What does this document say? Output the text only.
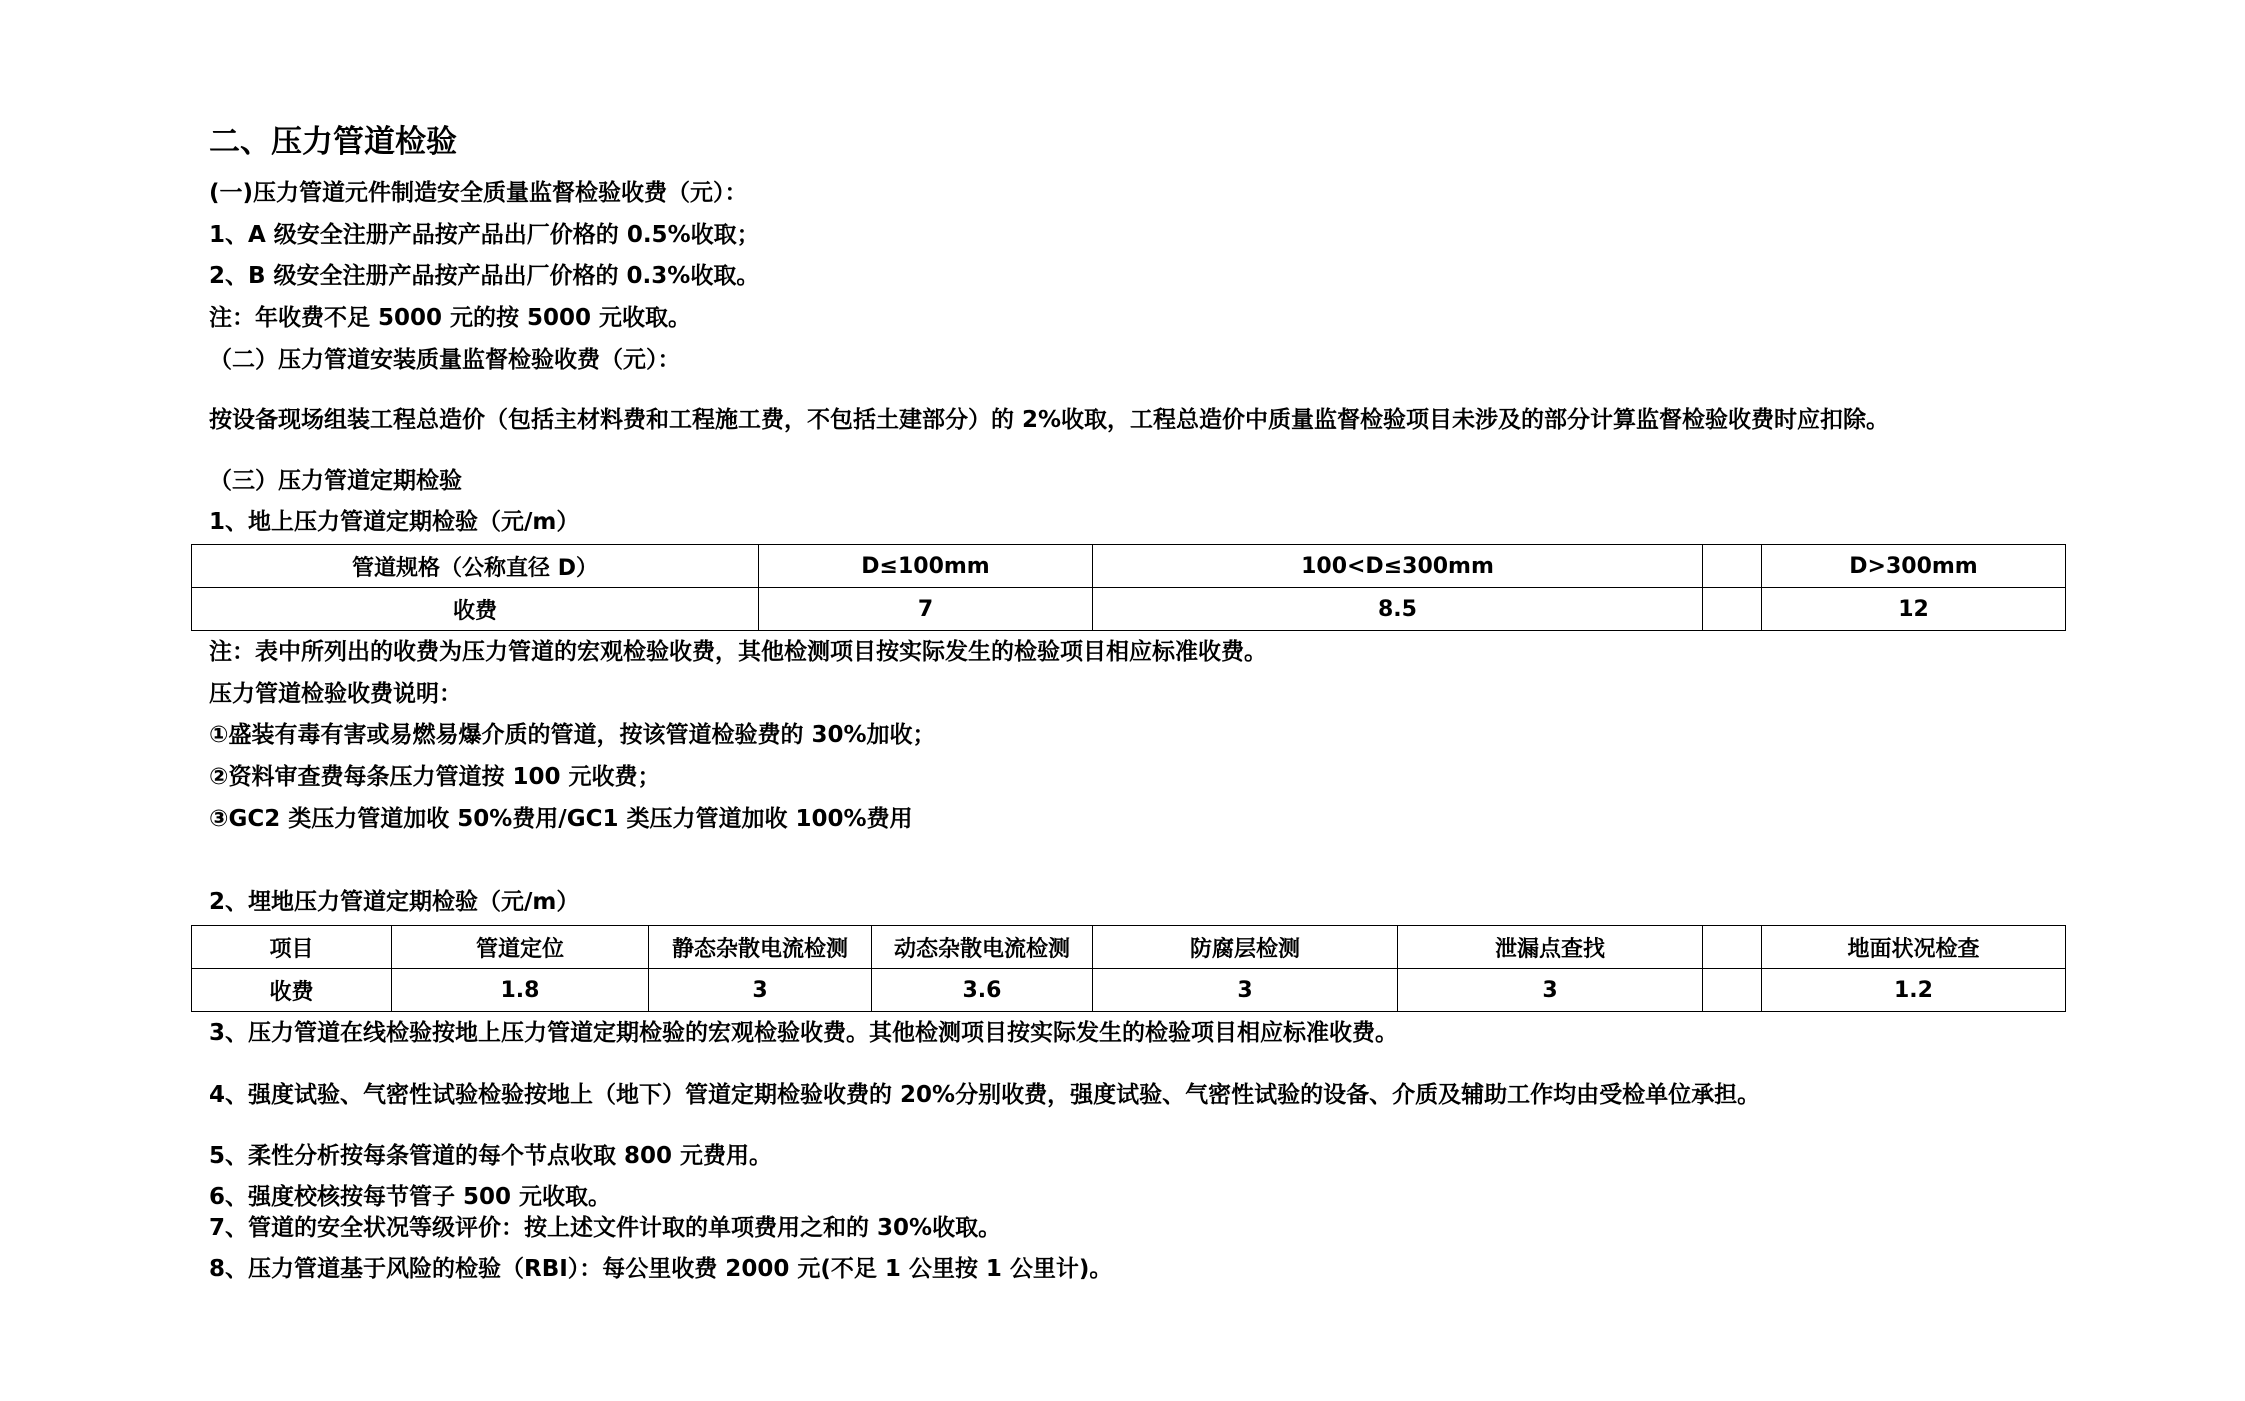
二、压力管道检验
(一)压力管道元件制造安全质量监督检验收费（元）：
1、A 级安全注册产品按产品出厂价格的 0.5%收取；
2、B 级安全注册产品按产品出厂价格的 0.3%收取。
注：年收费不足 5000 元的按 5000 元收取。
（二）压力管道安装质量监督检验收费（元）：
按设备现场组装工程总造价（包括主材料费和工程施工费，不包括土建部分）的 2%收取，工程总造价中质量监督检验项目未涉及的部分计算监督检验收费时应扣除。
（三）压力管道定期检验
1、地上压力管道定期检验（元/m）
管道规格（公称直径 D）	D≤100mm	100<D≤300mm		D>300mm
收费	7	8.5		12
注：表中所列出的收费为压力管道的宏观检验收费，其他检测项目按实际发生的检验项目相应标准收费。
压力管道检验收费说明：
①盛装有毒有害或易燃易爆介质的管道，按该管道检验费的 30%加收；
②资料审查费每条压力管道按 100 元收费；
③GC2 类压力管道加收 50%费用/GC1 类压力管道加收 100%费用
2、埋地压力管道定期检验（元/m）
项目	管道定位	静态杂散电流检测	动态杂散电流检测	防腐层检测	泄漏点查找		地面状况检查
收费	1.8	3	3.6	3	3		1.2
3、压力管道在线检验按地上压力管道定期检验的宏观检验收费。其他检测项目按实际发生的检验项目相应标准收费。
4、强度试验、气密性试验检验按地上（地下）管道定期检验收费的 20%分别收费，强度试验、气密性试验的设备、介质及辅助工作均由受检单位承担。
5、柔性分析按每条管道的每个节点收取 800 元费用。
6、强度校核按每节管子 500 元收取。
7、管道的安全状况等级评价：按上述文件计取的单项费用之和的 30%收取。
8、压力管道基于风险的检验（RBI）：每公里收费 2000 元(不足 1 公里按 1 公里计)。
